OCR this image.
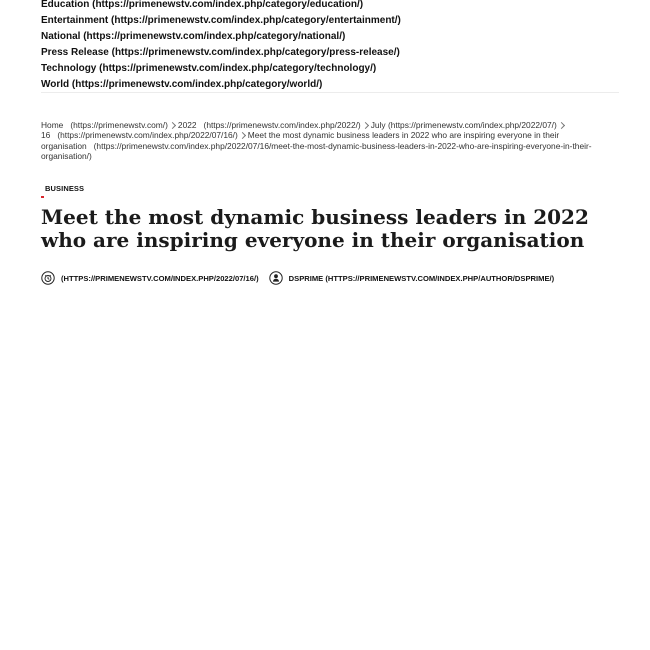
Education (https://primenewstv.com/index.php/category/education/)
Entertainment (https://primenewstv.com/index.php/category/entertainment/)
National (https://primenewstv.com/index.php/category/national/)
Press Release (https://primenewstv.com/index.php/category/press-release/)
Technology (https://primenewstv.com/index.php/category/technology/)
World (https://primenewstv.com/index.php/category/world/)
Home (https://primenewstv.com/) 2022 (https://primenewstv.com/index.php/2022/) July (https://primenewstv.com/index.php/2022/07/)16 (https://primenewstv.com/index.php/2022/07/16/) Meet the most dynamic business leaders in 2022 who are inspiring everyone in their organisation (https://primenewstv.com/index.php/2022/07/16/meet-the-most-dynamic-business-leaders-in-2022-who-are-inspiring-everyone-in-their-organisation/)
BUSINESS
Meet the most dynamic business leaders in 2022 who are inspiring everyone in their organisation
(HTTPS://PRIMENEWSTV.COM/INDEX.PHP/2022/07/16/)	DSPRIME (HTTPS://PRIMENEWSTV.COM/INDEX.PHP/AUTHOR/DSPRIME/)
